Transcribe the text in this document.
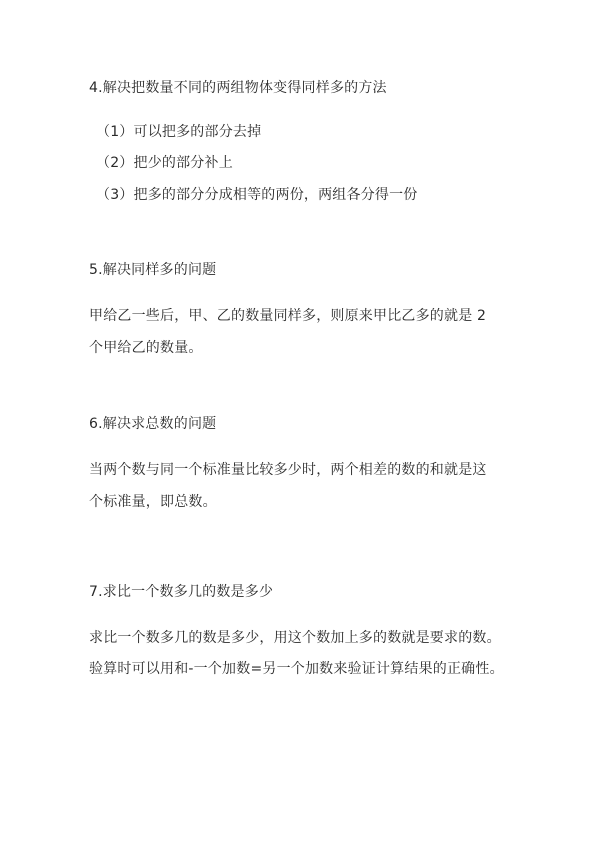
4.解决把数量不同的两组物体变得同样多的方法
（1）可以把多的部分去掉
（2）把少的部分补上
（3）把多的部分分成相等的两份，两组各分得一份
5.解决同样多的问题
甲给乙一些后，甲、乙的数量同样多，则原来甲比乙多的就是 2
个甲给乙的数量。
6.解决求总数的问题
当两个数与同一个标准量比较多少时，两个相差的数的和就是这
个标准量，即总数。
7.求比一个数多几的数是多少
求比一个数多几的数是多少，用这个数加上多的数就是要求的数。
验算时可以用和-一个加数=另一个加数来验证计算结果的正确性。
